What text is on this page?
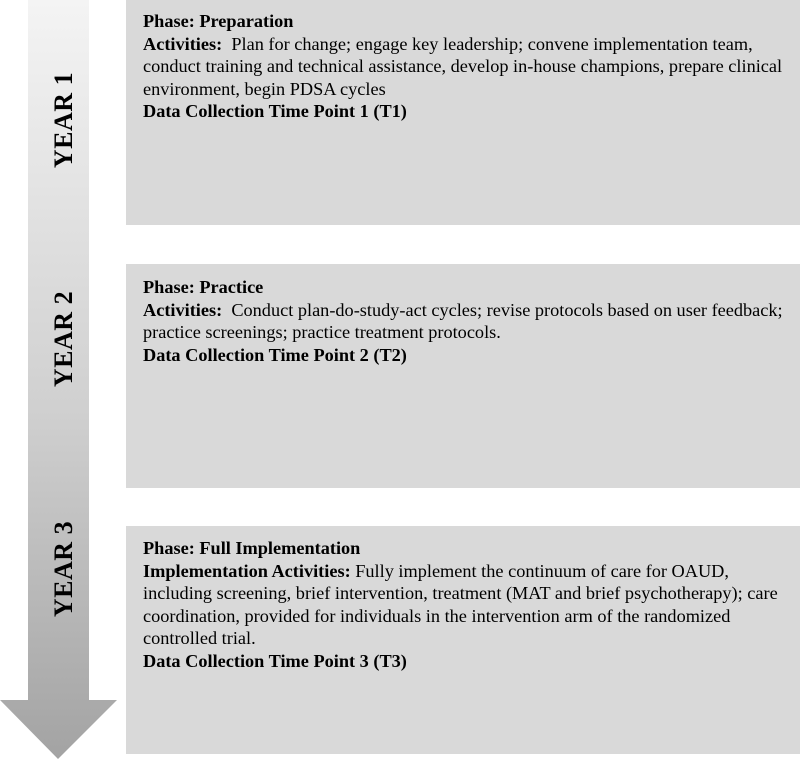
YEAR 1
YEAR 2
YEAR 3
Phase: Preparation
Activities: Plan for change; engage key leadership; convene implementation team, conduct training and technical assistance, develop in-house champions, prepare clinical environment, begin PDSA cycles
Data Collection Time Point 1 (T1)
Phase: Practice
Activities: Conduct plan-do-study-act cycles; revise protocols based on user feedback; practice screenings; practice treatment protocols.
Data Collection Time Point 2 (T2)
Phase: Full Implementation
Implementation Activities: Fully implement the continuum of care for OAUD, including screening, brief intervention, treatment (MAT and brief psychotherapy); care coordination, provided for individuals in the intervention arm of the randomized controlled trial.
Data Collection Time Point 3 (T3)
